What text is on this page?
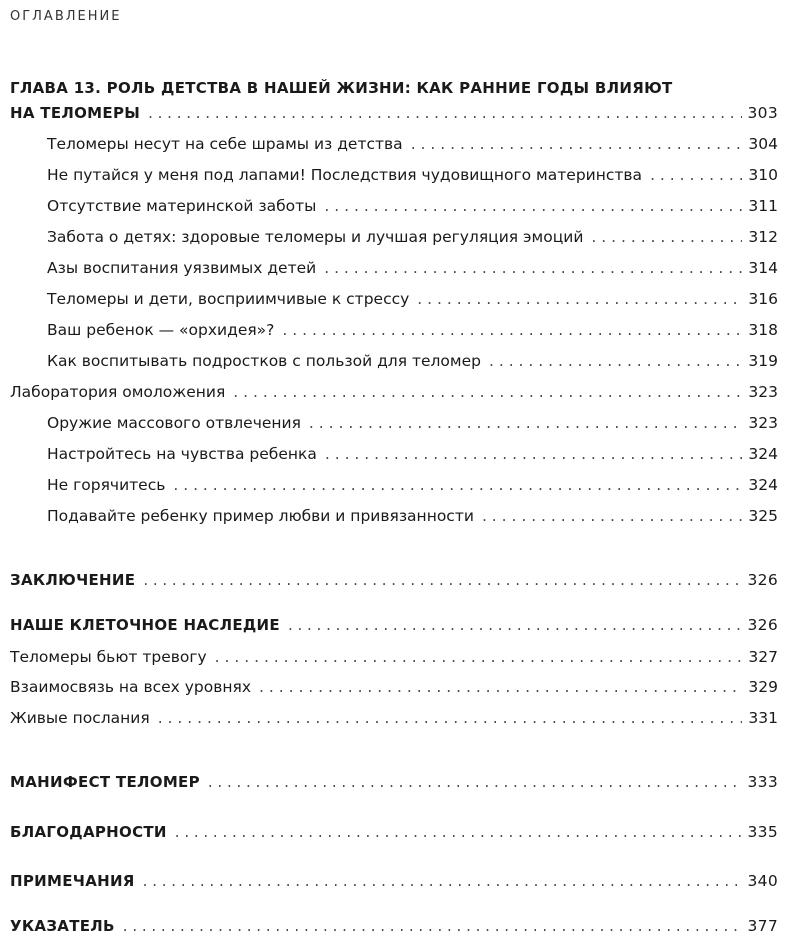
ОГЛАВЛЕНИЕ
ГЛАВА 13. РОЛЬ ДЕТСТВА В НАШЕЙ ЖИЗНИ: КАК РАННИЕ ГОДЫ ВЛИЯЮТ
НА ТЕЛОМЕРЫ . . .	303
Теломеры несут на себе шрамы из детства . . .	304
Не путайся у меня под лапами! Последствия чудовищного материнства . . .	310
Отсутствие материнской заботы . . .	311
Забота о детях: здоровые теломеры и лучшая регуляция эмоций . . .	312
Азы воспитания уязвимых детей . . .	314
Теломеры и дети, восприимчивые к стрессу . . .	316
Ваш ребенок — «орхидея»? . . .	318
Как воспитывать подростков с пользой для теломер . . .	319
Лаборатория омоложения . . .	323
Оружие массового отвлечения . . .	323
Настройтесь на чувства ребенка . . .	324
Не горячитесь . . .	324
Подавайте ребенку пример любви и привязанности . . .	325
ЗАКЛЮЧЕНИЕ . . .	326
НАШЕ КЛЕТОЧНОЕ НАСЛЕДИЕ . . .	326
Теломеры бьют тревогу . . .	327
Взаимосвязь на всех уровнях . . .	329
Живые послания . . .	331
МАНИФЕСТ ТЕЛОМЕР . . .	333
БЛАГОДАРНОСТИ . . .	335
ПРИМЕЧАНИЯ . . .	340
УКАЗАТЕЛЬ . . .	377
